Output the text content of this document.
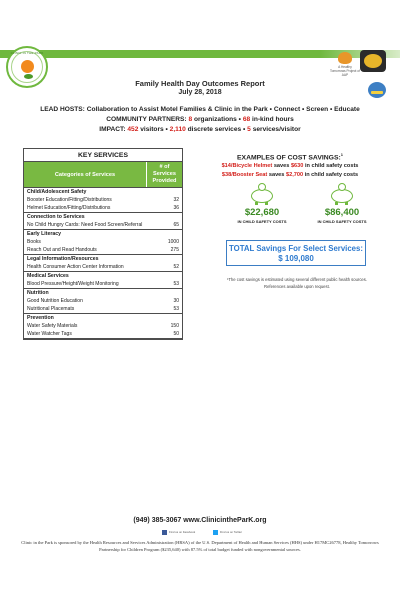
CLINIC IN THE PARK
A Healthy Tomorrows Project of AAP
Family Health Day Outcomes Report
July 28, 2018
LEAD HOSTS: Collaboration to Assist Motel Families & Clinic in the Park • Connect • Screen • Educate
COMMUNITY PARTNERS: 8 organizations • 68 in-kind hours
IMPACT: 452 visitors • 2,110 discrete services • 5 services/visitor
KEY SERVICES
Categories of Services
# of Services Provided
Child/Adolescent Safety
Booster Education/Fitting/Distributions	32
Helmet Education/Fitting/Distributions	36
Connection to Services
No Child Hungry Cards: Need Food Screen/Referral	65
Early Literacy
Books	1000
Reach Out and Read Handouts	275
Legal Information/Resources
Health Consumer Action Center Information	52
Medical Services
Blood Pressure/Height/Weight Monitoring	53
Nutrition
Good Nutrition Education	30
Nutritional Placemats	53
Prevention
Water Safety Materials	150
Water Watcher Tags	50
EXAMPLES OF COST SAVINGS:$^1$
$14/Bicycle Helmet saves $630 in child safety costs
$38/Booster Seat saves $2,700 in child safety costs
$22,680
IN CHILD SAFETY COSTS
$86,400
IN CHILD SAFETY COSTS
TOTAL Savings For Select Services:
$ 109,080
¹The cost savings is estimated using several different public health sources. References available upon request.
(949) 385-3067 www.ClinicintheParK.org
Find us on Facebook	Find us on Twitter
Clinic in the Park is sponsored by the Health Resources and Services Administration (HRSA) of the U.S. Department of Health and Human Services (HHS) under H17MC26778, Healthy Tomorrows Partnership for Children Program ($235,640) with 87.5% of total budget funded with nongovernmental sources.
